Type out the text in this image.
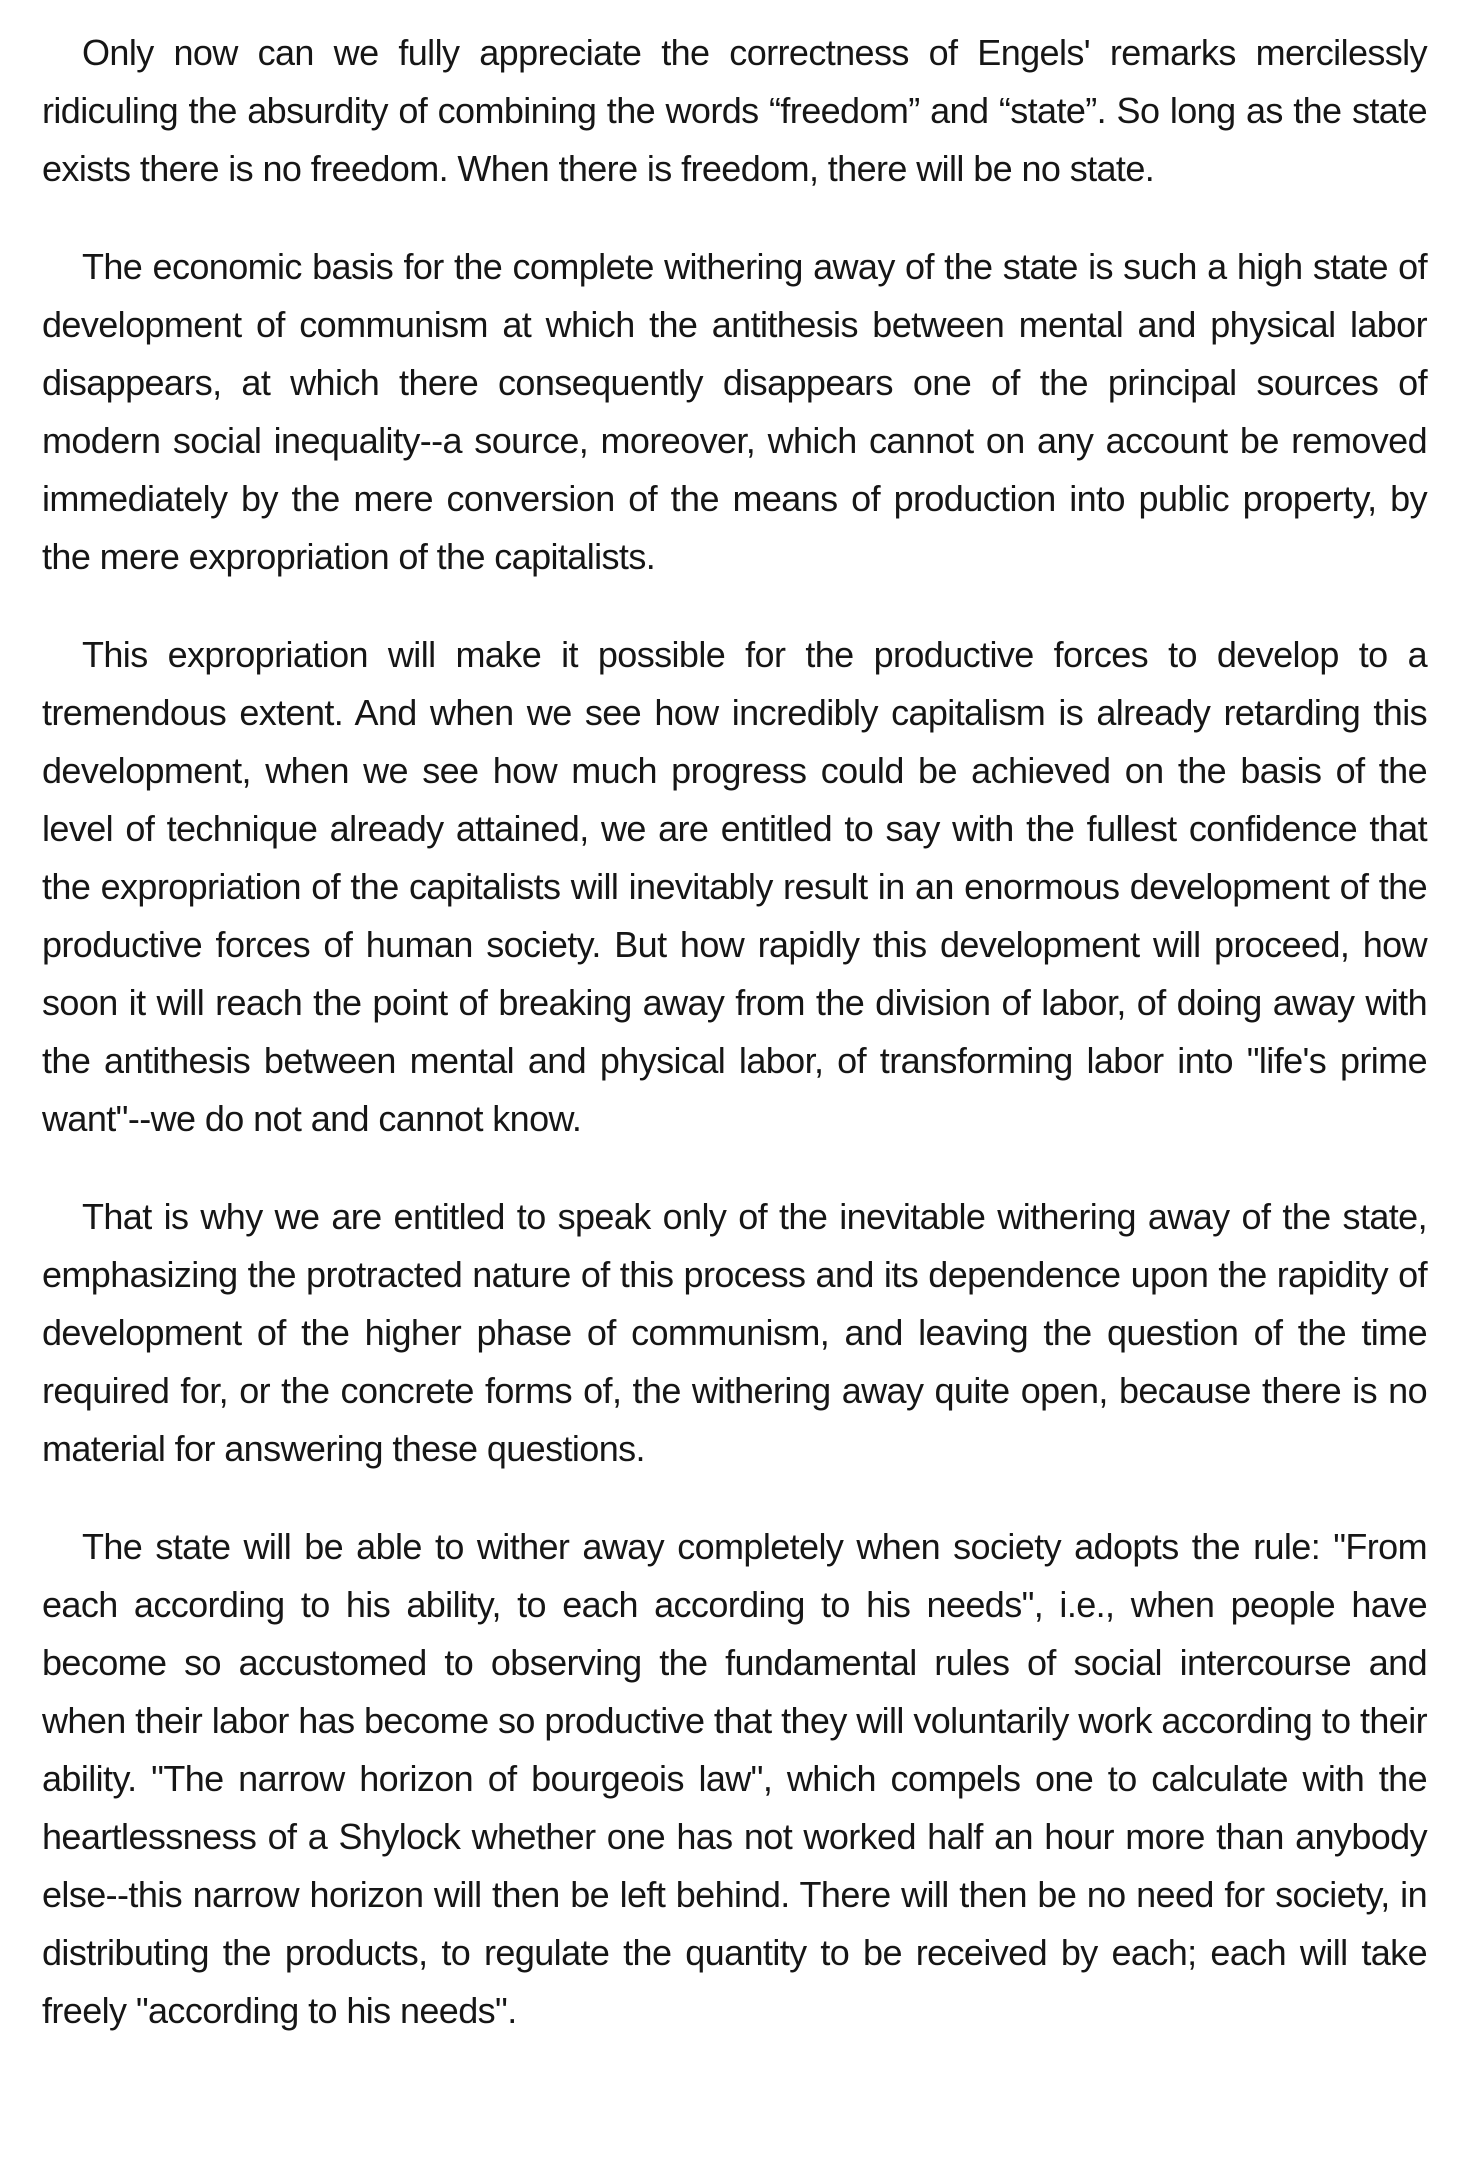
Only now can we fully appreciate the correctness of Engels' remarks mercilessly ridiculing the absurdity of combining the words “freedom” and “state”. So long as the state exists there is no freedom. When there is freedom, there will be no state.

The economic basis for the complete withering away of the state is such a high state of development of communism at which the antithesis between mental and physical labor disappears, at which there consequently disappears one of the principal sources of modern social inequality--a source, moreover, which cannot on any account be removed immediately by the mere conversion of the means of production into public property, by the mere expropriation of the capitalists.

This expropriation will make it possible for the productive forces to develop to a tremendous extent. And when we see how incredibly capitalism is already retarding this development, when we see how much progress could be achieved on the basis of the level of technique already attained, we are entitled to say with the fullest confidence that the expropriation of the capitalists will inevitably result in an enormous development of the productive forces of human society. But how rapidly this development will proceed, how soon it will reach the point of breaking away from the division of labor, of doing away with the antithesis between mental and physical labor, of transforming labor into "life's prime want"--we do not and cannot know.

That is why we are entitled to speak only of the inevitable withering away of the state, emphasizing the protracted nature of this process and its dependence upon the rapidity of development of the higher phase of communism, and leaving the question of the time required for, or the concrete forms of, the withering away quite open, because there is no material for answering these questions.

The state will be able to wither away completely when society adopts the rule: "From each according to his ability, to each according to his needs", i.e., when people have become so accustomed to observing the fundamental rules of social intercourse and when their labor has become so productive that they will voluntarily work according to their ability. "The narrow horizon of bourgeois law", which compels one to calculate with the heartlessness of a Shylock whether one has not worked half an hour more than anybody else--this narrow horizon will then be left behind. There will then be no need for society, in distributing the products, to regulate the quantity to be received by each; each will take freely "according to his needs".
